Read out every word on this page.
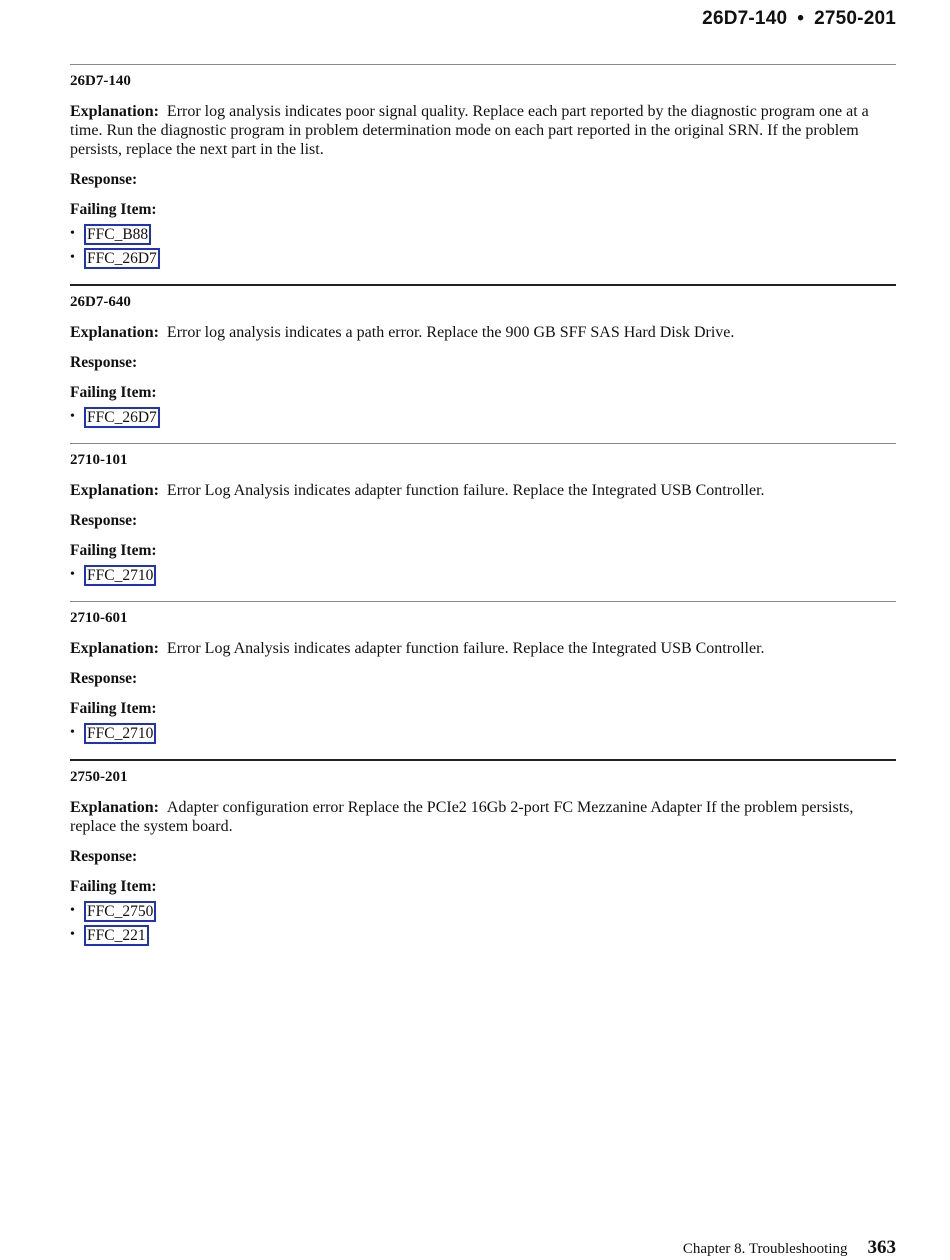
26D7-140 • 2750-201
26D7-140

Explanation: Error log analysis indicates poor signal quality. Replace each part reported by the diagnostic program one at a time. Run the diagnostic program in problem determination mode on each part reported in the original SRN. If the problem persists, replace the next part in the list.

Response:
Failing Item:
• FFC_B88
• FFC_26D7
26D7-640

Explanation: Error log analysis indicates a path error. Replace the 900 GB SFF SAS Hard Disk Drive.

Response:
Failing Item:
• FFC_26D7
2710-101

Explanation: Error Log Analysis indicates adapter function failure. Replace the Integrated USB Controller.

Response:
Failing Item:
• FFC_2710
2710-601

Explanation: Error Log Analysis indicates adapter function failure. Replace the Integrated USB Controller.

Response:
Failing Item:
• FFC_2710
2750-201

Explanation: Adapter configuration error Replace the PCIe2 16Gb 2-port FC Mezzanine Adapter If the problem persists, replace the system board.

Response:
Failing Item:
• FFC_2750
• FFC_221
Chapter 8. Troubleshooting 363
